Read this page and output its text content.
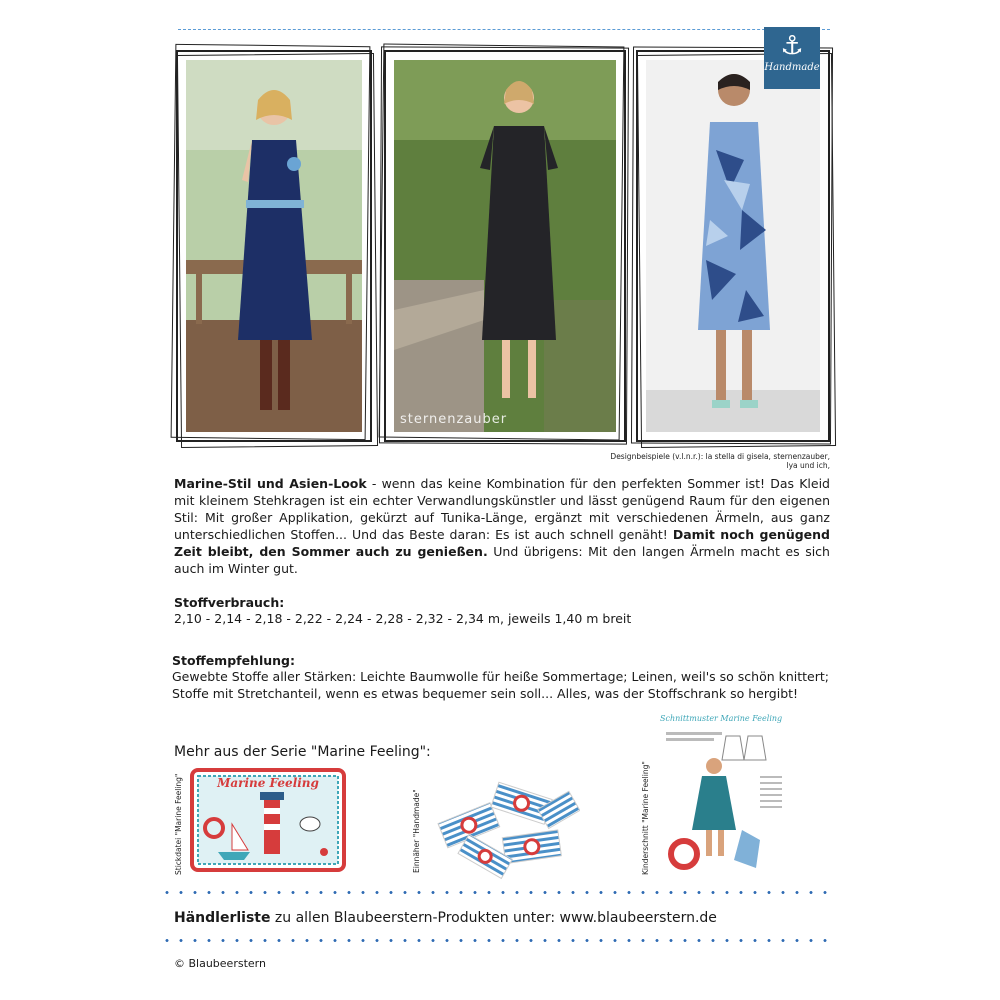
sternenzauber
⚓
Handmade
Designbeispiele (v.l.n.r.): la stella di gisela, sternenzauber, lya und ich,
Marine-Stil und Asien-Look - wenn das keine Kombination für den perfekten Sommer ist! Das Kleid mit kleinem Stehkragen ist ein echter Verwandlungskünstler und lässt genügend Raum für den eigenen Stil: Mit großer Applikation, gekürzt auf Tunika-Länge, ergänzt mit verschiedenen Ärmeln, aus ganz unterschiedlichen Stoffen... Und das Beste daran: Es ist auch schnell genäht! Damit noch genügend Zeit bleibt, den Sommer auch zu genießen. Und übrigens: Mit den langen Ärmeln macht es sich auch im Winter gut.
Stoffverbrauch:
2,10 - 2,14 - 2,18 - 2,22 - 2,24 - 2,28 - 2,32 - 2,34 m, jeweils 1,40 m breit
Stoffempfehlung:
Gewebte Stoffe aller Stärken: Leichte Baumwolle für heiße Sommertage; Leinen, weil's so schön knittert; Stoffe mit Stretchanteil, wenn es etwas bequemer sein soll... Alles, was der Stoffschrank so hergibt!
Mehr aus der Serie "Marine Feeling":
Stickdatei "Marine Feeling"	Marine Feeling
Einnäher "Handmade"	Kinderschnitt "Marine Feeling"
Schnittmuster Marine Feeling
Händlerliste zu allen Blaubeerstern-Produkten unter: www.blaubeerstern.de
© Blaubeerstern
